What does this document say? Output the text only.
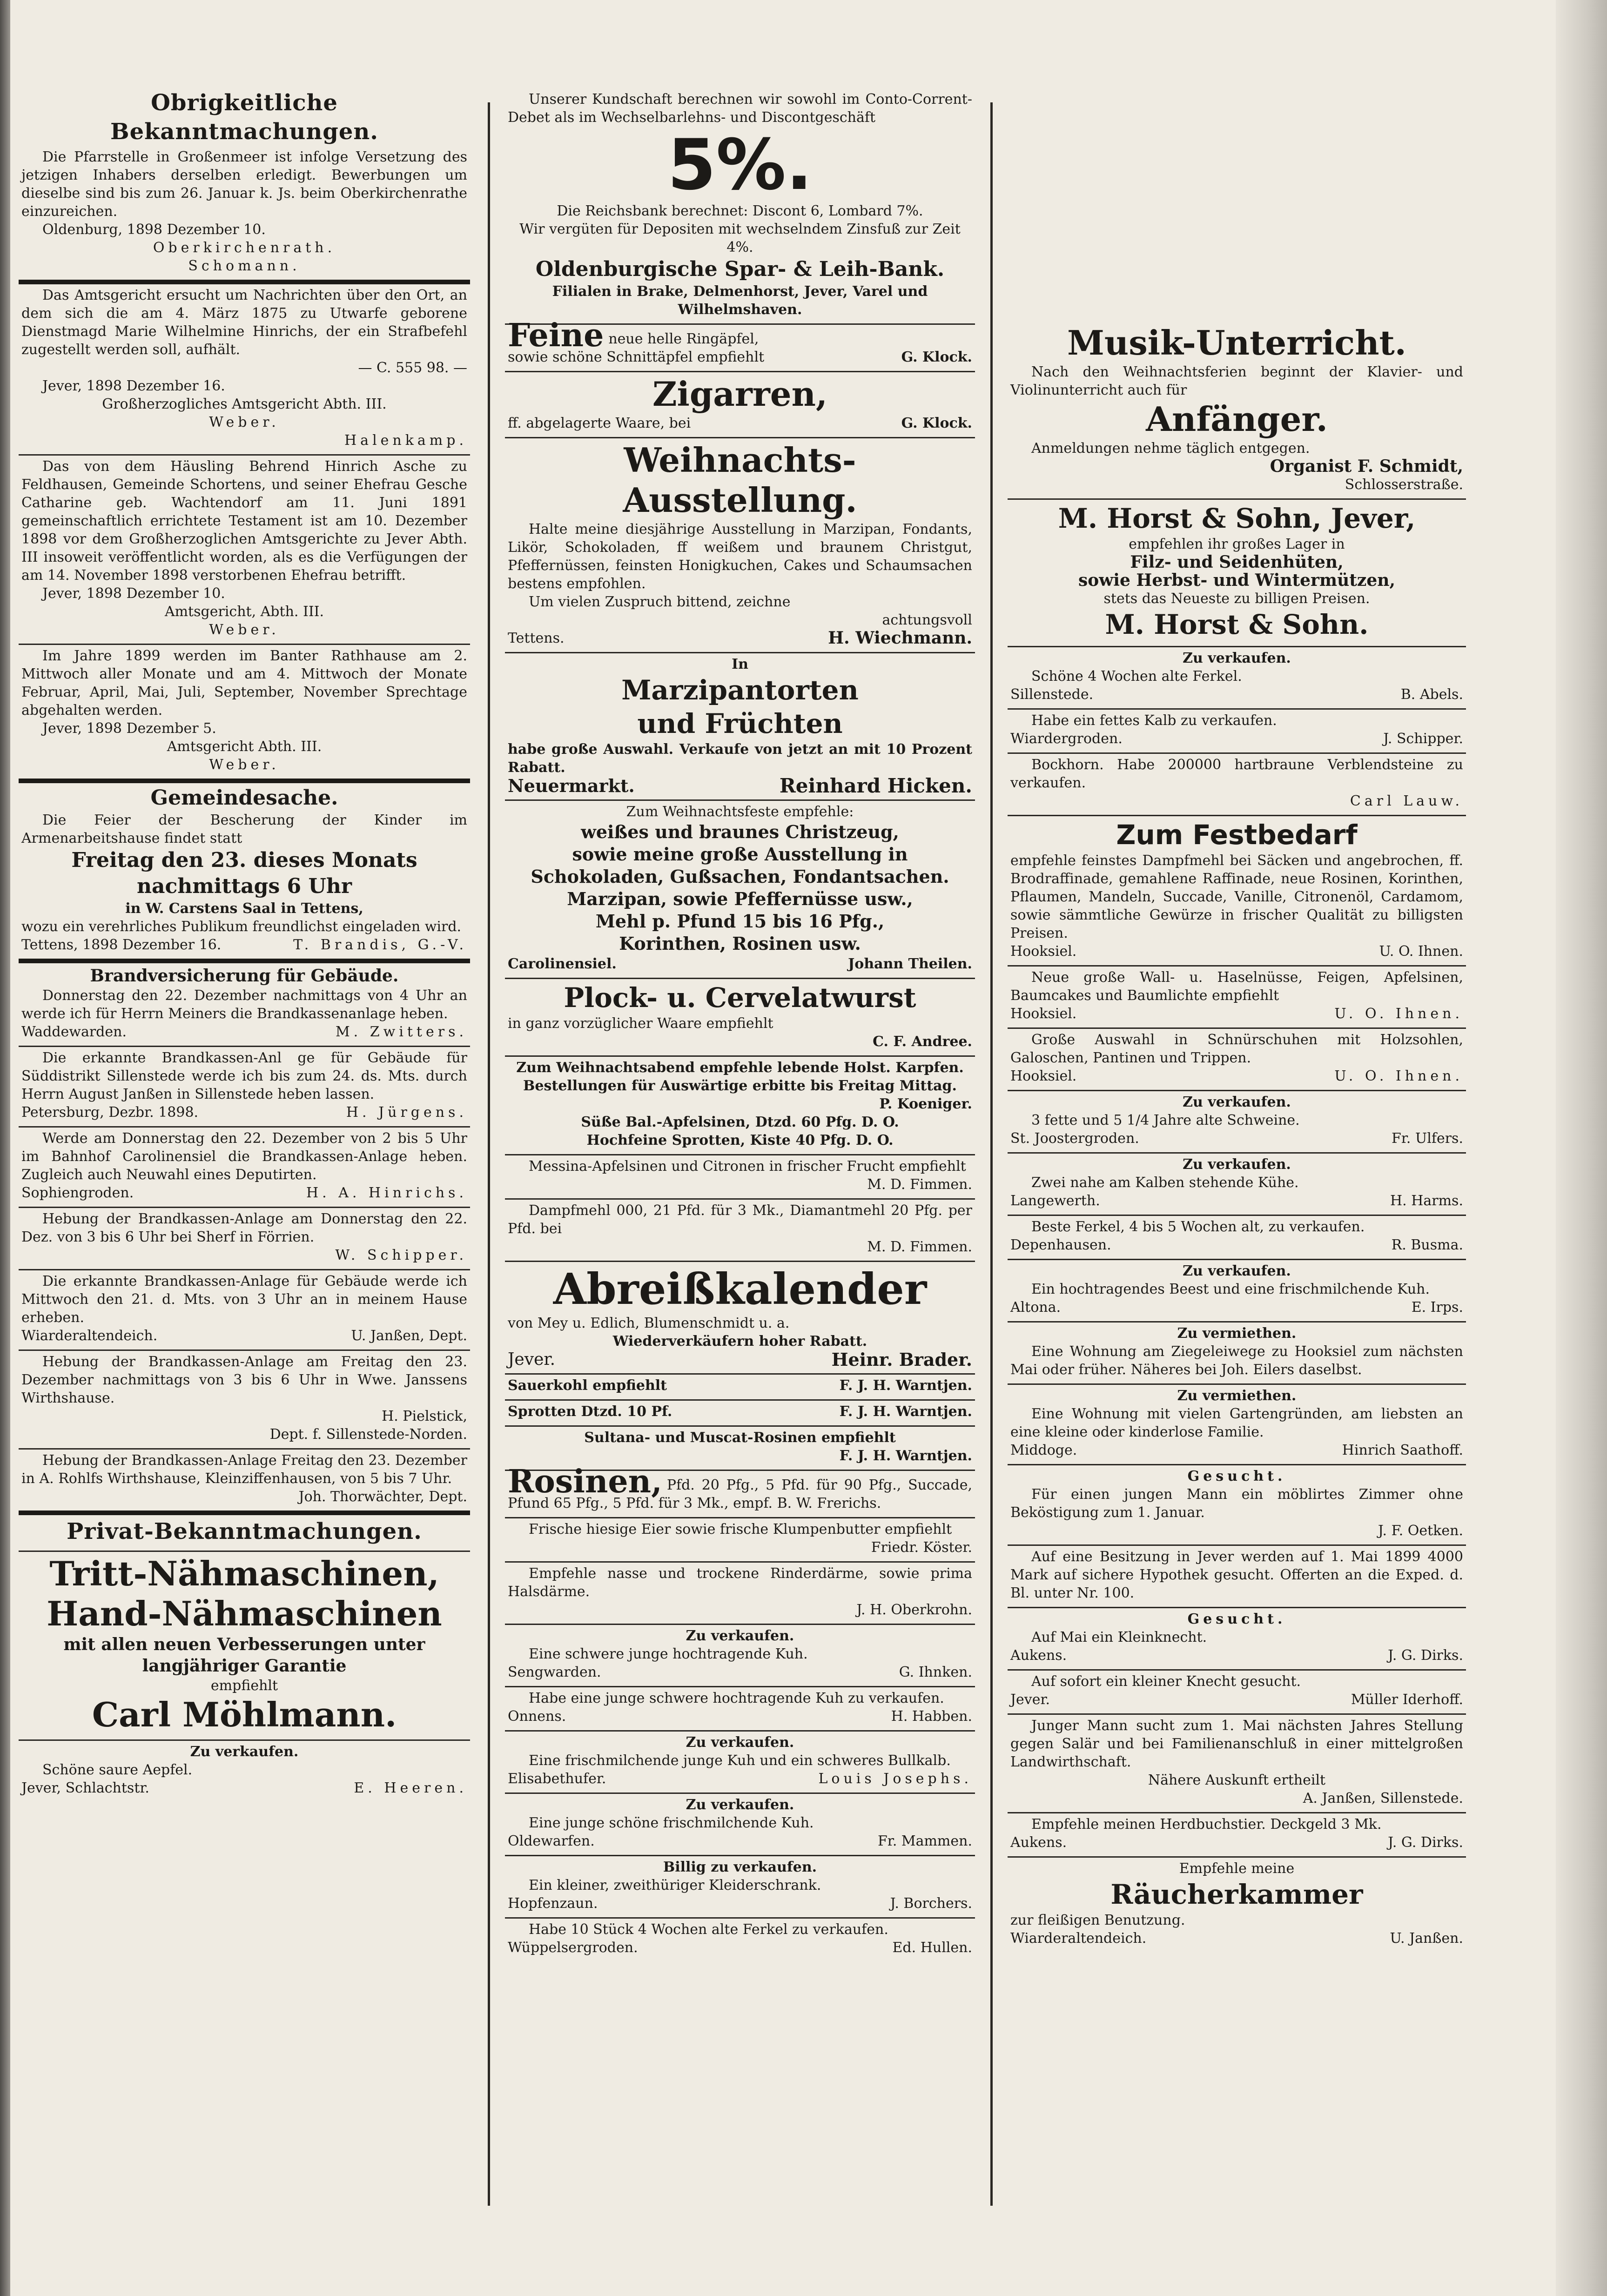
Obrigkeitliche Bekanntmachungen.

Die Pfarrstelle in Großenmeer ist infolge Versetzung des jetzigen Inhabers derselben erledigt. Bewerbungen um dieselbe sind bis zum 26. Januar k. Js. beim Oberkirchenrathe einzureichen.

Oldenburg, 1898 Dezember 10.

Oberkirchenrath.

Schomann.

Das Amtsgericht ersucht um Nachrichten über den Ort, an dem sich die am 4. März 1875 zu Utwarfe geborene Dienstmagd Marie Wilhelmine Hinrichs, der ein Strafbefehl zugestellt werden soll, aufhält.

— C. 555 98. —

Jever, 1898 Dezember 16.

Großherzogliches Amtsgericht Abth. III.

Weber.

Halenkamp.

Das von dem Häusling Behrend Hinrich Asche zu Feldhausen, Gemeinde Schortens, und seiner Ehefrau Gesche Catharine geb. Wachtendorf am 11. Juni 1891 gemeinschaftlich errichtete Testament ist am 10. Dezember 1898 vor dem Großherzoglichen Amtsgerichte zu Jever Abth. III insoweit veröffentlicht worden, als es die Verfügungen der am 14. November 1898 verstorbenen Ehefrau betrifft.

Jever, 1898 Dezember 10.

Amtsgericht, Abth. III.

Weber.

Im Jahre 1899 werden im Banter Rathhause am 2. Mittwoch aller Monate und am 4. Mittwoch der Monate Februar, April, Mai, Juli, September, November Sprechtage abgehalten werden.

Jever, 1898 Dezember 5.

Amtsgericht Abth. III.

Weber.

Gemeindesache.

Die Feier der Bescherung der Kinder im Armenarbeitshause findet statt

Freitag den 23. dieses Monats

nachmittags 6 Uhr

in W. Carstens Saal in Tettens,

wozu ein verehrliches Publikum freundlichst eingeladen wird.

Tettens, 1898 Dezember 16.	T. Brandis, G.-V.

Brandversicherung für Gebäude.

Donnerstag den 22. Dezember nachmittags von 4 Uhr an werde ich für Herrn Meiners die Brandkassenanlage heben.

Waddewarden.	M. Zwitters.

Die erkannte Brandkassen-Anl ge für Gebäude für Süddistrikt Sillenstede werde ich bis zum 24. ds. Mts. durch Herrn August Janßen in Sillenstede heben lassen.

Petersburg, Dezbr. 1898.	H. Jürgens.

Werde am Donnerstag den 22. Dezember von 2 bis 5 Uhr im Bahnhof Carolinensiel die Brandkassen-Anlage heben. Zugleich auch Neuwahl eines Deputirten.

Sophiengroden.	H. A. Hinrichs.

Hebung der Brandkassen-Anlage am Donnerstag den 22. Dez. von 3 bis 6 Uhr bei Sherf in Förrien.

W. Schipper.

Die erkannte Brandkassen-Anlage für Gebäude werde ich Mittwoch den 21. d. Mts. von 3 Uhr an in meinem Hause erheben.

Wiarderaltendeich.	U. Janßen, Dept.

Hebung der Brandkassen-Anlage am Freitag den 23. Dezember nachmittags von 3 bis 6 Uhr in Wwe. Janssens Wirthshause.

H. Pielstick,

Dept. f. Sillenstede-Norden.

Hebung der Brandkassen-Anlage Freitag den 23. Dezember in A. Rohlfs Wirthshause, Kleinziffenhausen, von 5 bis 7 Uhr.

Joh. Thorwächter, Dept.

Privat-Bekanntmachungen.

Tritt-Nähmaschinen,

Hand-Nähmaschinen

mit allen neuen Verbesserungen unter langjähriger Garantie

empfiehlt

Carl Möhlmann.

Zu verkaufen.

Schöne saure Aepfel.

Jever, Schlachtstr.	E. Heeren.

Unserer Kundschaft berechnen wir sowohl im Conto-Corrent-Debet als im Wechselbarlehns- und Discontgeschäft

5%.

Die Reichsbank berechnet: Discont 6, Lombard 7%.

Wir vergüten für Depositen mit wechselndem Zinsfuß zur Zeit 4%.

Oldenburgische Spar- & Leih-Bank.

Filialen in Brake, Delmenhorst, Jever, Varel und Wilhelmshaven.

Feine neue helle Ringäpfel,

sowie schöne Schnittäpfel empfiehlt	G. Klock.

Zigarren,

ff. abgelagerte Waare, bei	G. Klock.

Weihnachts-Ausstellung.

Halte meine diesjährige Ausstellung in Marzipan, Fondants, Likör, Schokoladen, ff weißem und braunem Christgut, Pfeffernüssen, feinsten Honigkuchen, Cakes und Schaumsachen bestens empfohlen.

Um vielen Zuspruch bittend, zeichne

achtungsvoll

Tettens.	H. Wiechmann.

In

Marzipantorten

und Früchten

habe große Auswahl. Verkaufe von jetzt an mit 10 Prozent Rabatt.

Neuermarkt.	Reinhard Hicken.

Zum Weihnachtsfeste empfehle:

weißes und braunes Christzeug,

sowie meine große Ausstellung in

Schokoladen, Gußsachen, Fondantsachen.

Marzipan, sowie Pfeffernüsse usw.,

Mehl p. Pfund 15 bis 16 Pfg.,

Korinthen, Rosinen usw.

Carolinensiel.	Johann Theilen.

Plock- u. Cervelatwurst

in ganz vorzüglicher Waare empfiehlt

C. F. Andree.

Zum Weihnachtsabend empfehle lebende Holst. Karpfen. Bestellungen für Auswärtige erbitte bis Freitag Mittag.

P. Koeniger.

Süße Bal.-Apfelsinen, Dtzd. 60 Pfg. D. O.

Hochfeine Sprotten, Kiste 40 Pfg. D. O.

Messina-Apfelsinen und Citronen in frischer Frucht empfiehlt

M. D. Fimmen.

Dampfmehl 000, 21 Pfd. für 3 Mk., Diamantmehl 20 Pfg. per Pfd. bei

M. D. Fimmen.

Abreißkalender

von Mey u. Edlich, Blumenschmidt u. a.

Wiederverkäufern hoher Rabatt.

Jever.	Heinr. Brader.
Sauerkohl empfiehlt	F. J. H. Warntjen.
Sprotten Dtzd. 10 Pf.	F. J. H. Warntjen.

Sultana- und Muscat-Rosinen empfiehlt

F. J. H. Warntjen.

Rosinen, Pfd. 20 Pfg., 5 Pfd. für 90 Pfg., Succade, Pfund 65 Pfg., 5 Pfd. für 3 Mk., empf. B. W. Frerichs.

Frische hiesige Eier sowie frische Klumpenbutter empfiehlt

Friedr. Köster.

Empfehle nasse und trockene Rinderdärme, sowie prima Halsdärme.

J. H. Oberkrohn.

Zu verkaufen.

Eine schwere junge hochtragende Kuh.

Sengwarden.	G. Ihnken.

Habe eine junge schwere hochtragende Kuh zu verkaufen.

Onnens.	H. Habben.

Zu verkaufen.

Eine frischmilchende junge Kuh und ein schweres Bullkalb.

Elisabethufer.	Louis Josephs.

Zu verkaufen.

Eine junge schöne frischmilchende Kuh.

Oldewarfen.	Fr. Mammen.

Billig zu verkaufen.

Ein kleiner, zweithüriger Kleiderschrank.

Hopfenzaun.	J. Borchers.

Habe 10 Stück 4 Wochen alte Ferkel zu verkaufen.

Wüppelsergroden.	Ed. Hullen.

Musik-Unterricht.

Nach den Weihnachtsferien beginnt der Klavier- und Violinunterricht auch für

Anfänger.

Anmeldungen nehme täglich entgegen.

Organist F. Schmidt,

Schlosserstraße.

M. Horst & Sohn, Jever,

empfehlen ihr großes Lager in

Filz- und Seidenhüten,

sowie Herbst- und Wintermützen,

stets das Neueste zu billigen Preisen.

M. Horst & Sohn.

Zu verkaufen.

Schöne 4 Wochen alte Ferkel.

Sillenstede.	B. Abels.

Habe ein fettes Kalb zu verkaufen.

Wiardergroden.	J. Schipper.

Bockhorn. Habe 200000 hartbraune Verblendsteine zu verkaufen.

Carl Lauw.

Zum Festbedarf

empfehle feinstes Dampfmehl bei Säcken und angebrochen, ff. Brodraffinade, gemahlene Raffinade, neue Rosinen, Korinthen, Pflaumen, Mandeln, Succade, Vanille, Citronenöl, Cardamom, sowie sämmtliche Gewürze in frischer Qualität zu billigsten Preisen.

Hooksiel.	U. O. Ihnen.

Neue große Wall- u. Haselnüsse, Feigen, Apfelsinen, Baumcakes und Baumlichte empfiehlt

Hooksiel.	U. O. Ihnen.

Große Auswahl in Schnürschuhen mit Holzsohlen, Galoschen, Pantinen und Trippen.

Hooksiel.	U. O. Ihnen.

Zu verkaufen.

3 fette und 5 1/4 Jahre alte Schweine.

St. Joostergroden.	Fr. Ulfers.

Zu verkaufen.

Zwei nahe am Kalben stehende Kühe.

Langewerth.	H. Harms.

Beste Ferkel, 4 bis 5 Wochen alt, zu verkaufen.

Depenhausen.	R. Busma.

Zu verkaufen.

Ein hochtragendes Beest und eine frischmilchende Kuh.

Altona.	E. Irps.

Zu vermiethen.

Eine Wohnung am Ziegeleiwege zu Hooksiel zum nächsten Mai oder früher. Näheres bei Joh. Eilers daselbst.

Zu vermiethen.

Eine Wohnung mit vielen Gartengründen, am liebsten an eine kleine oder kinderlose Familie.

Middoge.	Hinrich Saathoff.

Gesucht.

Für einen jungen Mann ein möblirtes Zimmer ohne Beköstigung zum 1. Januar.

J. F. Oetken.

Auf eine Besitzung in Jever werden auf 1. Mai 1899 4000 Mark auf sichere Hypothek gesucht. Offerten an die Exped. d. Bl. unter Nr. 100.

Gesucht.

Auf Mai ein Kleinknecht.

Aukens.	J. G. Dirks.

Auf sofort ein kleiner Knecht gesucht.

Jever.	Müller Iderhoff.

Junger Mann sucht zum 1. Mai nächsten Jahres Stellung gegen Salär und bei Familienanschluß in einer mittelgroßen Landwirthschaft.

Nähere Auskunft ertheilt

A. Janßen, Sillenstede.

Empfehle meinen Herdbuchstier. Deckgeld 3 Mk.

Aukens.	J. G. Dirks.

Empfehle meine

Räucherkammer

zur fleißigen Benutzung.

Wiarderaltendeich.	U. Janßen.
